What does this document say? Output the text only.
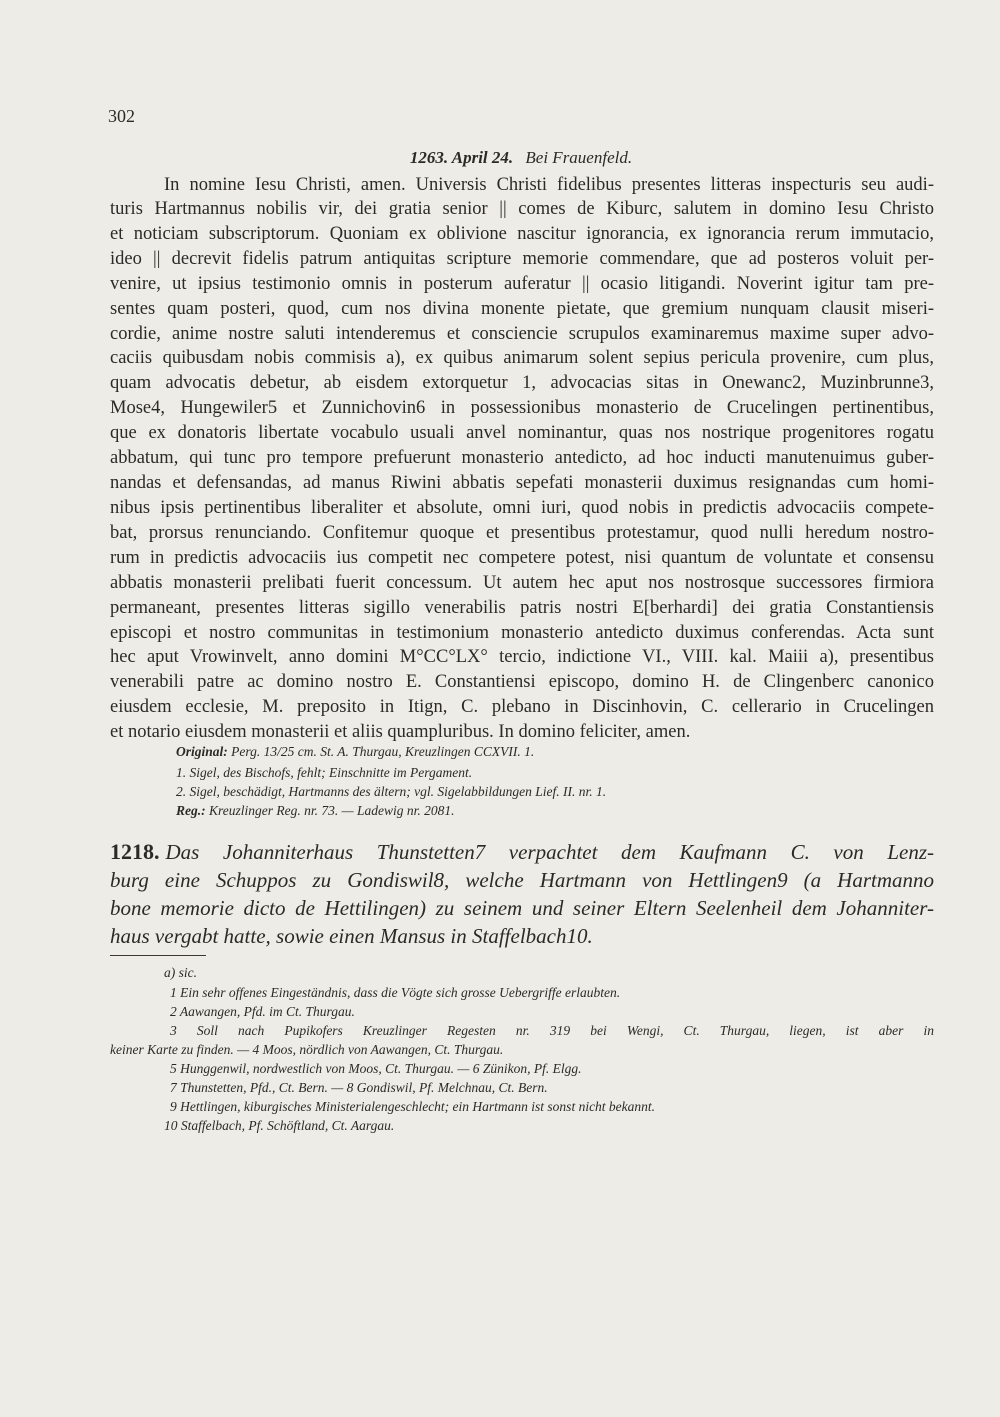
302
1263. April 24. Bei Frauenfeld.
In nomine Iesu Christi, amen. Universis Christi fidelibus presentes litteras inspecturis seu audi-
turis Hartmannus nobilis vir, dei gratia senior || comes de Kiburc, salutem in domino Iesu Christo
et noticiam subscriptorum. Quoniam ex oblivione nascitur ignorancia, ex ignorancia rerum immutacio,
ideo || decrevit fidelis patrum antiquitas scripture memorie commendare, que ad posteros voluit per-
venire, ut ipsius testimonio omnis in posterum auferatur || ocasio litigandi. Noverint igitur tam pre-
sentes quam posteri, quod, cum nos divina monente pietate, que gremium nunquam clausit miseri-
cordie, anime nostre saluti intenderemus et consciencie scrupulos examinaremus maxime super advo-
caciis quibusdam nobis commisis a), ex quibus animarum solent sepius pericula provenire, cum plus,
quam advocatis debetur, ab eisdem extorquetur 1, advocacias sitas in Onewanc2, Muzinbrunne3,
Mose4, Hungewiler5 et Zunnichovin6 in possessionibus monasterio de Crucelingen pertinentibus,
que ex donatoris libertate vocabulo usuali anvel nominantur, quas nos nostrique progenitores rogatu
abbatum, qui tunc pro tempore prefuerunt monasterio antedicto, ad hoc inducti manutenuimus guber-
nandas et defensandas, ad manus Riwini abbatis sepefati monasterii duximus resignandas cum homi-
nibus ipsis pertinentibus liberaliter et absolute, omni iuri, quod nobis in predictis advocaciis compete-
bat, prorsus renunciando. Confitemur quoque et presentibus protestamur, quod nulli heredum nostro-
rum in predictis advocaciis ius competit nec competere potest, nisi quantum de voluntate et consensu
abbatis monasterii prelibati fuerit concessum. Ut autem hec aput nos nostrosque successores firmiora
permaneant, presentes litteras sigillo venerabilis patris nostri E[berhardi] dei gratia Constantiensis
episcopi et nostro communitas in testimonium monasterio antedicto duximus conferendas. Acta sunt
hec aput Vrowinvelt, anno domini M°CC°LX° tercio, indictione VI., VIII. kal. Maiii a), presentibus
venerabili patre ac domino nostro E. Constantiensi episcopo, domino H. de Clingenberc canonico
eiusdem ecclesie, M. preposito in Itign, C. plebano in Discinhovin, C. cellerario in Crucelingen
et notario eiusdem monasterii et aliis quampluribus. In domino feliciter, amen.
Original: Perg. 13/25 cm. St. A. Thurgau, Kreuzlingen CCXVII. 1.
1. Sigel, des Bischofs, fehlt; Einschnitte im Pergament.
2. Sigel, beschädigt, Hartmanns des ältern; vgl. Sigelabbildungen Lief. II. nr. 1.
Reg.: Kreuzlinger Reg. nr. 73. — Ladewig nr. 2081.
1218. Das Johanniterhaus Thunstetten7 verpachtet dem Kaufmann C. von Lenz-
burg eine Schuppos zu Gondiswil8, welche Hartmann von Hettlingen9 (a Hartmanno
bone memorie dicto de Hettilingen) zu seinem und seiner Eltern Seelenheil dem Johanniter-
haus vergabt hatte, sowie einen Mansus in Staffelbach10.
a) sic.
1 Ein sehr offenes Eingeständnis, dass die Vögte sich grosse Uebergriffe erlaubten.
2 Aawangen, Pfd. im Ct. Thurgau.
3 Soll nach Pupikofers Kreuzlinger Regesten nr. 319 bei Wengi, Ct. Thurgau, liegen, ist aber in
keiner Karte zu finden. — 4 Moos, nördlich von Aawangen, Ct. Thurgau.
5 Hunggenwil, nordwestlich von Moos, Ct. Thurgau. — 6 Zünikon, Pf. Elgg.
7 Thunstetten, Pfd., Ct. Bern. — 8 Gondiswil, Pf. Melchnau, Ct. Bern.
9 Hettlingen, kiburgisches Ministerialengeschlecht; ein Hartmann ist sonst nicht bekannt.
10 Staffelbach, Pf. Schöftland, Ct. Aargau.
